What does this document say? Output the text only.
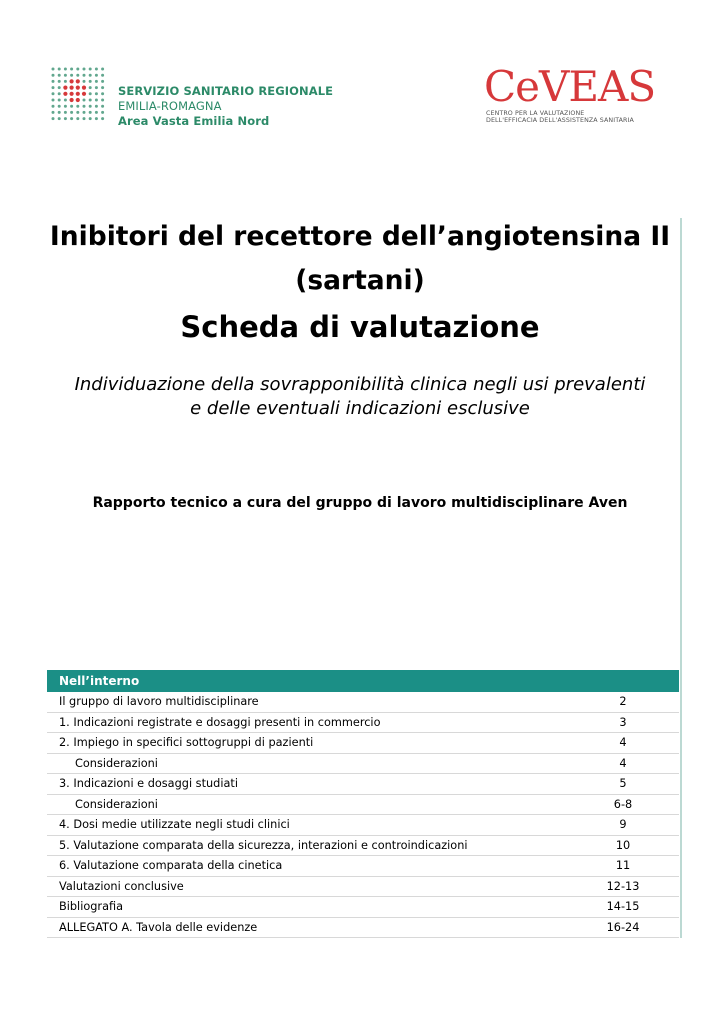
SERVIZIO SANITARIO REGIONALE
EMILIA-ROMAGNA
Area Vasta Emilia Nord
CeVEAS
CENTRO PER LA VALUTAZIONE
DELL'EFFICACIA DELL'ASSISTENZA SANITARIA
Inibitori del recettore dell’angiotensina II
(sartani)
Scheda di valutazione
Individuazione della sovrapponibilità clinica negli usi prevalenti
e delle eventuali indicazioni esclusive
Rapporto tecnico a cura del gruppo di lavoro multidisciplinare Aven
Nell’interno
Il gruppo di lavoro multidisciplinare	2
1. Indicazioni registrate e dosaggi presenti in commercio	3
2. Impiego in specifici sottogruppi di pazienti	4
Considerazioni	4
3. Indicazioni e dosaggi studiati	5
Considerazioni	6-8
4. Dosi medie utilizzate negli studi clinici	9
5. Valutazione comparata della sicurezza, interazioni e controindicazioni	10
6. Valutazione comparata della cinetica	11
Valutazioni conclusive	12-13
Bibliografia	14-15
ALLEGATO A. Tavola delle evidenze	16-24
